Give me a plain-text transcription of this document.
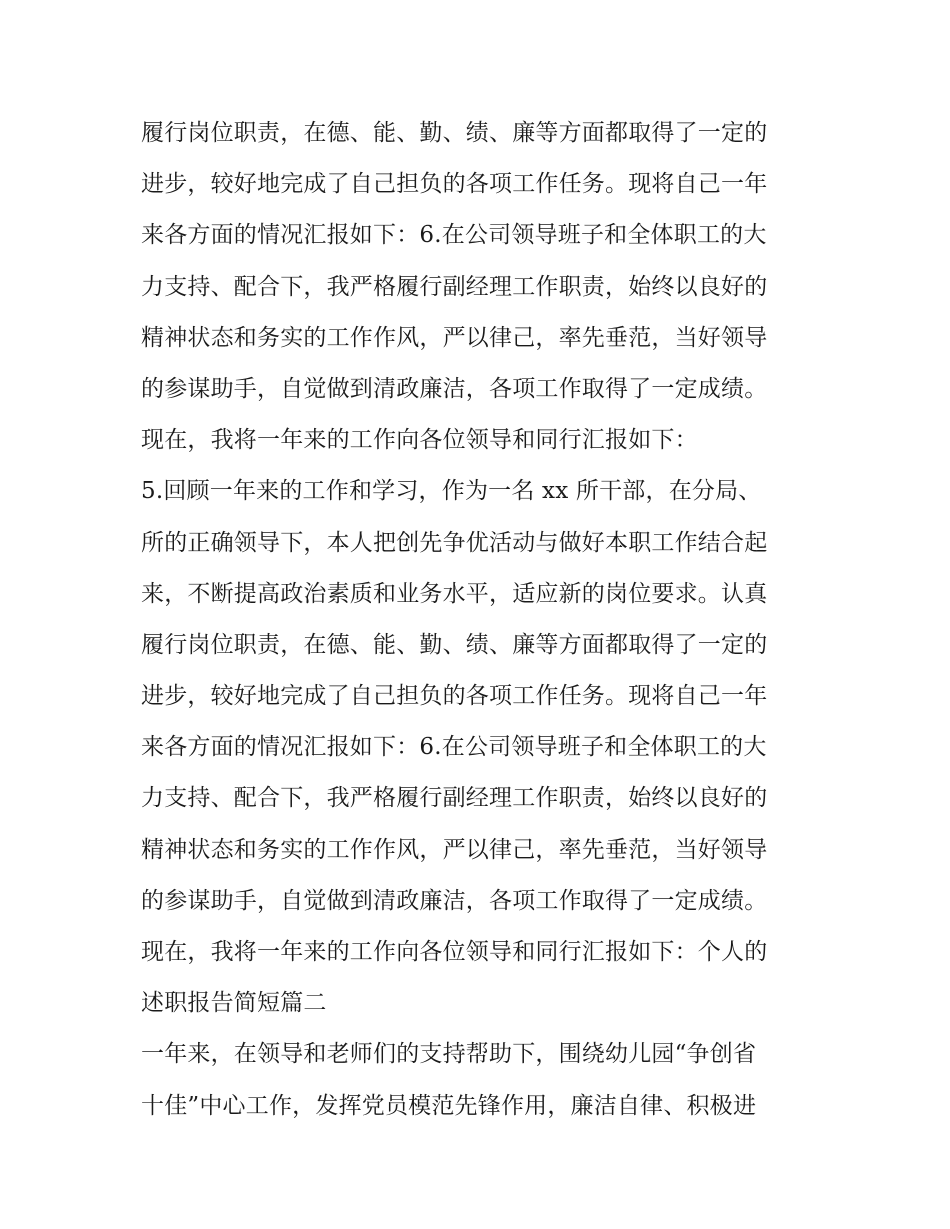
履行岗位职责，在德、能、勤、绩、廉等方面都取得了一定的
进步，较好地完成了自己担负的各项工作任务。现将自己一年
来各方面的情况汇报如下：6.在公司领导班子和全体职工的大
力支持、配合下，我严格履行副经理工作职责，始终以良好的
精神状态和务实的工作作风，严以律己，率先垂范，当好领导
的参谋助手，自觉做到清政廉洁，各项工作取得了一定成绩。
现在，我将一年来的工作向各位领导和同行汇报如下：
5.回顾一年来的工作和学习，作为一名 xx 所干部，在分局、
所的正确领导下，本人把创先争优活动与做好本职工作结合起
来，不断提高政治素质和业务水平，适应新的岗位要求。认真
履行岗位职责，在德、能、勤、绩、廉等方面都取得了一定的
进步，较好地完成了自己担负的各项工作任务。现将自己一年
来各方面的情况汇报如下：6.在公司领导班子和全体职工的大
力支持、配合下，我严格履行副经理工作职责，始终以良好的
精神状态和务实的工作作风，严以律己，率先垂范，当好领导
的参谋助手，自觉做到清政廉洁，各项工作取得了一定成绩。
现在，我将一年来的工作向各位领导和同行汇报如下：个人的
述职报告简短篇二
一年来，在领导和老师们的支持帮助下，围绕幼儿园“争创省
十佳”中心工作，发挥党员模范先锋作用，廉洁自律、积极进
